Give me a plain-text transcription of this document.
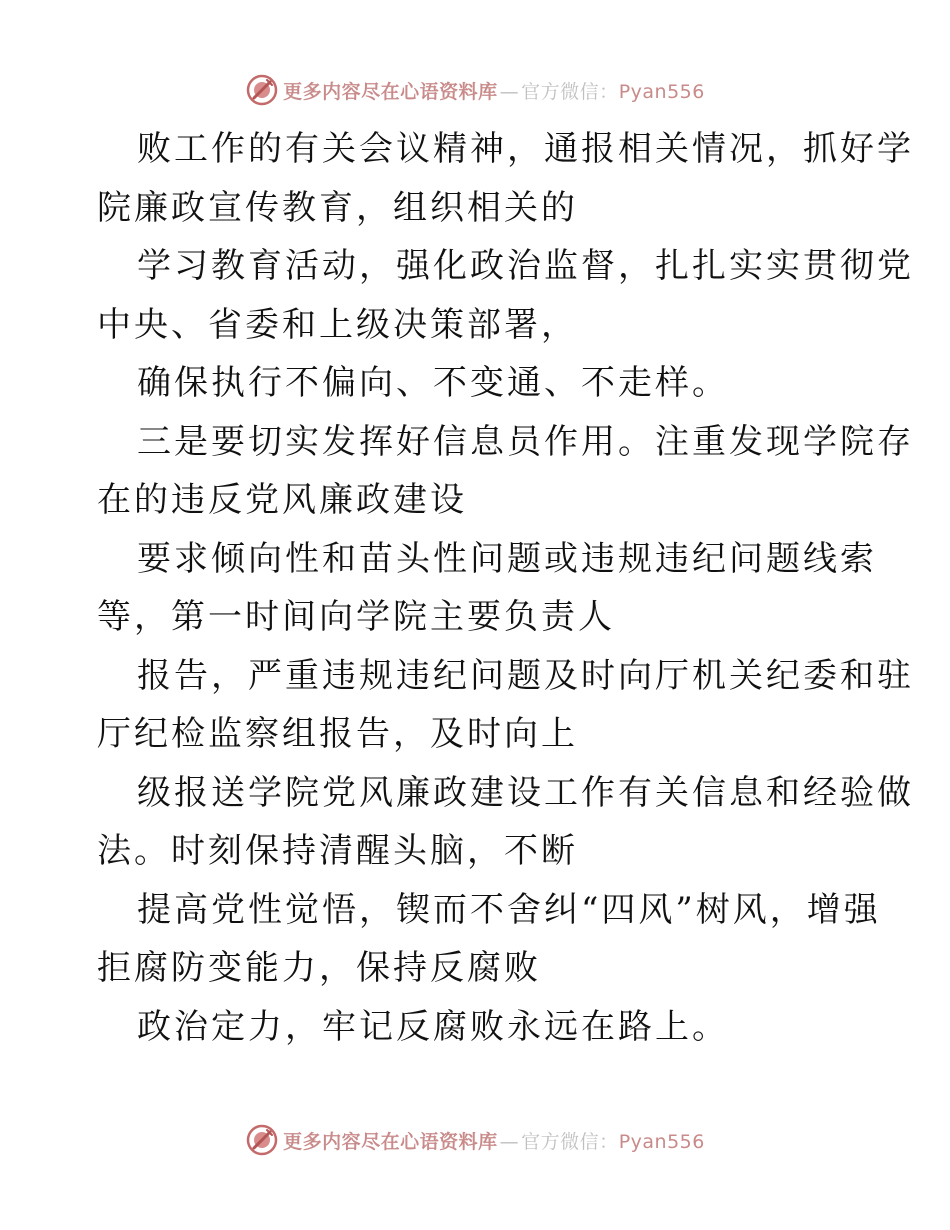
更多内容尽在心语资料库 — 官方微信：Pyan556
败工作的有关会议精神，通报相关情况，抓好学
院廉政宣传教育，组织相关的
学习教育活动，强化政治监督，扎扎实实贯彻党
中央、省委和上级决策部署，
确保执行不偏向、不变通、不走样。
三是要切实发挥好信息员作用。注重发现学院存
在的违反党风廉政建设
要求倾向性和苗头性问题或违规违纪问题线索
等，第一时间向学院主要负责人
报告，严重违规违纪问题及时向厅机关纪委和驻
厅纪检监察组报告，及时向上
级报送学院党风廉政建设工作有关信息和经验做
法。时刻保持清醒头脑，不断
提高党性觉悟，锲而不舍纠“四风”树风，增强
拒腐防变能力，保持反腐败
政治定力，牢记反腐败永远在路上。
更多内容尽在心语资料库 — 官方微信：Pyan556
